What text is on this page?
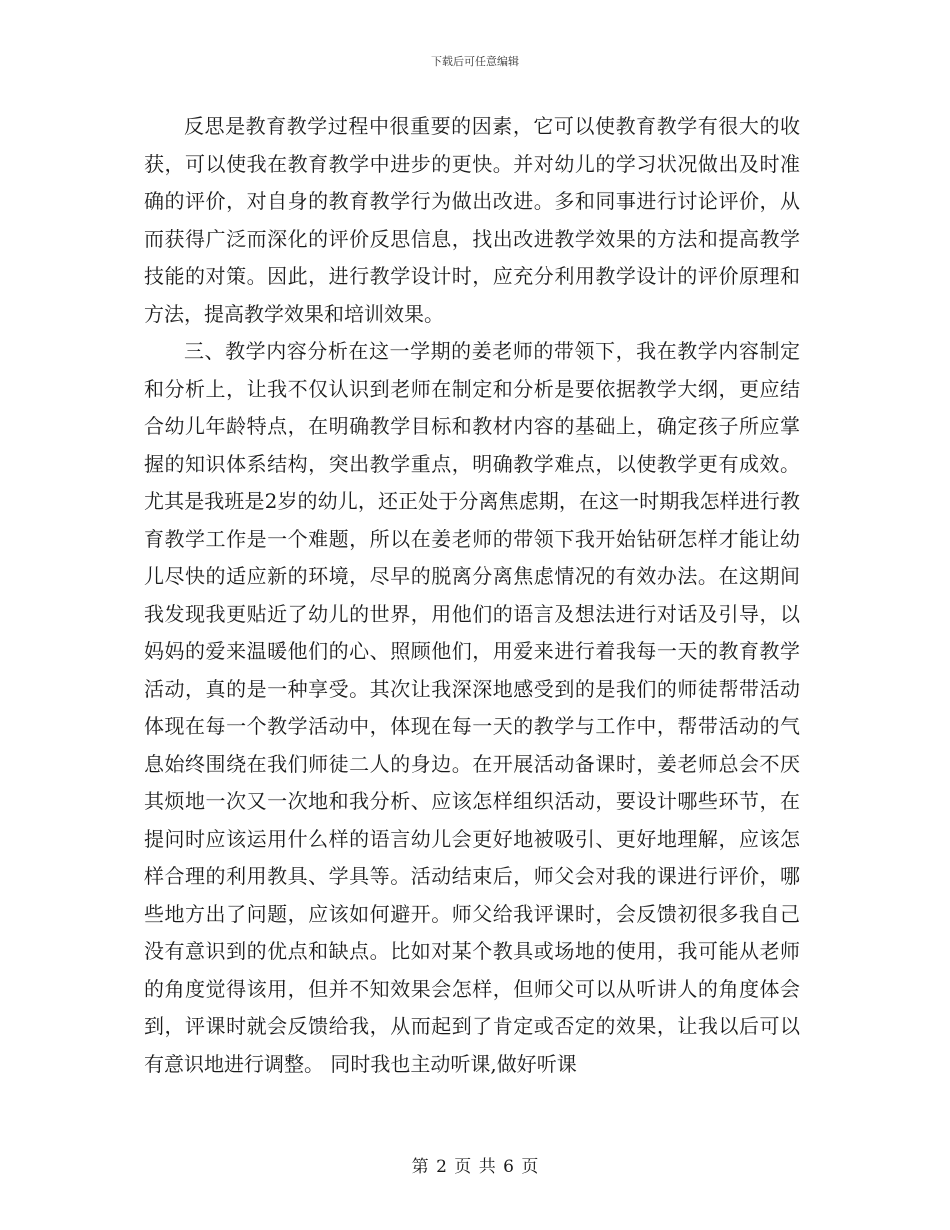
下载后可任意编辑

反思是教育教学过程中很重要的因素，它可以使教育教学有很大的收获，可以使我在教育教学中进步的更快。并对幼儿的学习状况做出及时准确的评价，对自身的教育教学行为做出改进。多和同事进行讨论评价，从而获得广泛而深化的评价反思信息，找出改进教学效果的方法和提高教学技能的对策。因此，进行教学设计时，应充分利用教学设计的评价原理和方法，提高教学效果和培训效果。

三、教学内容分析在这一学期的姜老师的带领下，我在教学内容制定和分析上，让我不仅认识到老师在制定和分析是要依据教学大纲，更应结合幼儿年龄特点，在明确教学目标和教材内容的基础上，确定孩子所应掌握的知识体系结构，突出教学重点，明确教学难点，以使教学更有成效。尤其是我班是2岁的幼儿，还正处于分离焦虑期，在这一时期我怎样进行教育教学工作是一个难题，所以在姜老师的带领下我开始钻研怎样才能让幼儿尽快的适应新的环境，尽早的脱离分离焦虑情况的有效办法。在这期间我发现我更贴近了幼儿的世界，用他们的语言及想法进行对话及引导，以妈妈的爱来温暖他们的心、照顾他们，用爱来进行着我每一天的教育教学活动，真的是一种享受。其次让我深深地感受到的是我们的师徒帮带活动体现在每一个教学活动中，体现在每一天的教学与工作中，帮带活动的气息始终围绕在我们师徒二人的身边。在开展活动备课时，姜老师总会不厌其烦地一次又一次地和我分析、应该怎样组织活动，要设计哪些环节，在提问时应该运用什么样的语言幼儿会更好地被吸引、更好地理解，应该怎样合理的利用教具、学具等。活动结束后，师父会对我的课进行评价，哪些地方出了问题，应该如何避开。师父给我评课时，会反馈初很多我自己没有意识到的优点和缺点。比如对某个教具或场地的使用，我可能从老师的角度觉得该用，但并不知效果会怎样，但师父可以从听讲人的角度体会到，评课时就会反馈给我，从而起到了肯定或否定的效果，让我以后可以有意识地进行调整。 同时我也主动听课,做好听课

第 2 页 共 6 页
